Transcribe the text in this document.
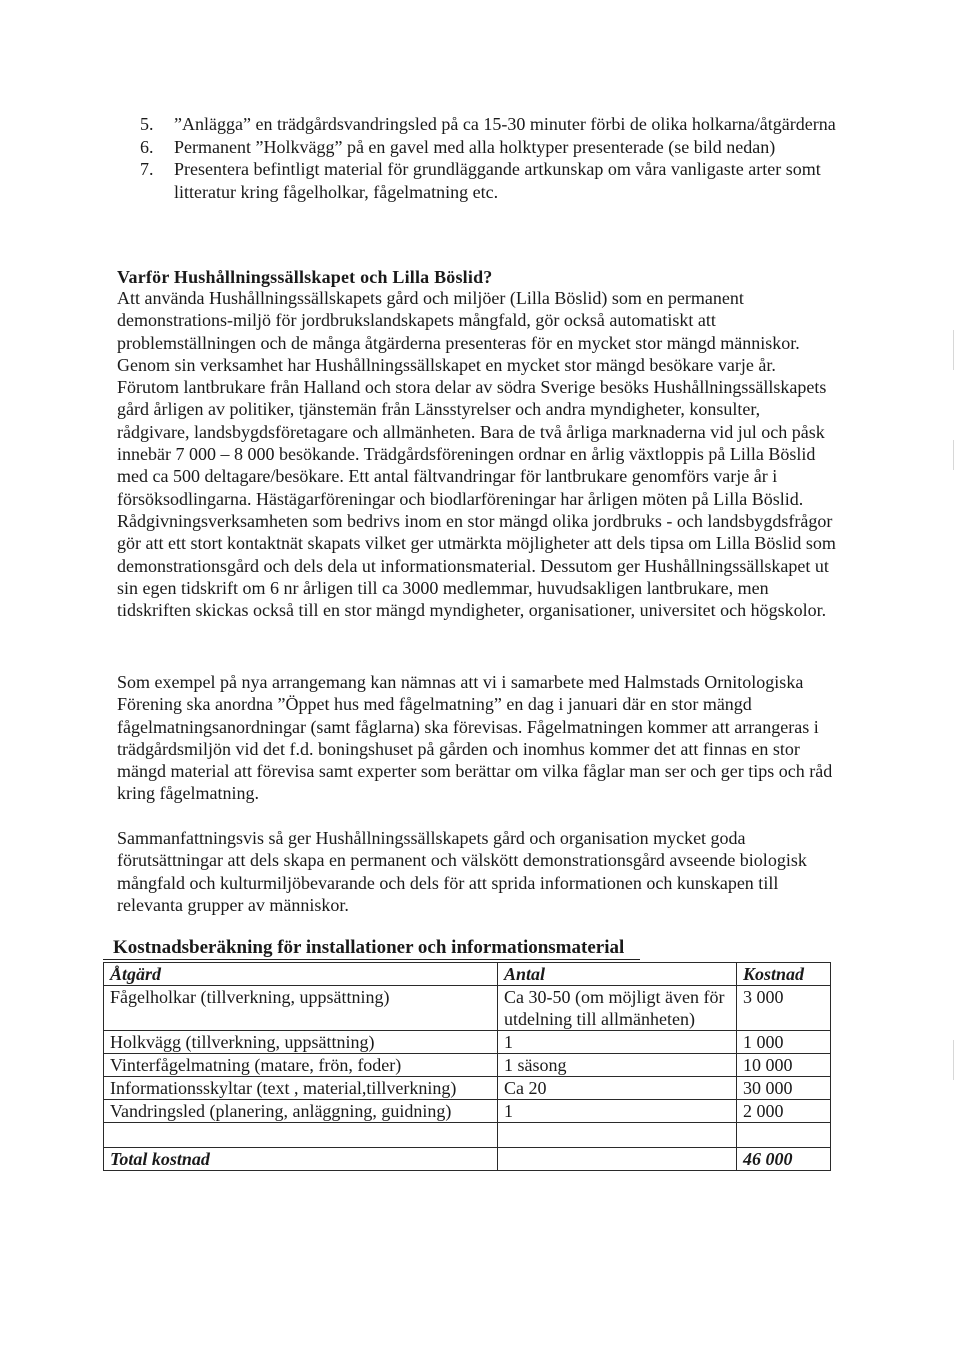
5. ”Anlägga” en trädgårdsvandringsled på ca 15-30 minuter förbi de olika holkarna/åtgärderna
6. Permanent ”Holkvägg” på en gavel med alla holktyper presenterade (se bild nedan)
7. Presentera befintligt material för grundläggande artkunskap om våra vanligaste arter somt litteratur kring fågelholkar, fågelmatning etc.
Varför Hushållningssällskapet och Lilla Böslid?

Att använda Hushållningssällskapets gård och miljöer (Lilla Böslid) som en permanent demonstrations-miljö för jordbrukslandskapets mångfald, gör också automatiskt att problemställningen och de många åtgärderna presenteras för en mycket stor mängd människor. Genom sin verksamhet har Hushållningssällskapet en mycket stor mängd besökare varje år. Förutom lantbrukare från Halland och stora delar av södra Sverige besöks Hushållningssällskapets gård årligen av politiker, tjänstemän från Länsstyrelser och andra myndigheter, konsulter, rådgivare, landsbygdsföretagare och allmänheten. Bara de två årliga marknaderna vid jul och påsk innebär 7 000 – 8 000 besökande. Trädgårdsföreningen ordnar en årlig växtloppis på Lilla Böslid med ca 500 deltagare/besökare. Ett antal fältvandringar för lantbrukare genomförs varje år i försöksodlingarna. Hästägarföreningar och biodlarföreningar har årligen möten på Lilla Böslid. Rådgivningsverksamheten som bedrivs inom en stor mängd olika jordbruks - och landsbygdsfrågor gör att ett stort kontaktnät skapats vilket ger utmärkta möjligheter att dels tipsa om Lilla Böslid som demonstrationsgård och dels dela ut informationsmaterial. Dessutom ger Hushållningssällskapet ut sin egen tidskrift om 6 nr årligen till ca 3000 medlemmar, huvudsakligen lantbrukare, men tidskriften skickas också till en stor mängd myndigheter, organisationer, universitet och högskolor.

Som exempel på nya arrangemang kan nämnas att vi i samarbete med Halmstads Ornitologiska Förening ska anordna ”Öppet hus med fågelmatning” en dag i januari där en stor mängd fågelmatningsanordningar (samt fåglarna) ska förevisas. Fågelmatningen kommer att arrangeras i trädgårdsmiljön vid det f.d. boningshuset på gården och inomhus kommer det att finnas en stor mängd material att förevisa samt experter som berättar om vilka fåglar man ser och ger tips och råd kring fågelmatning.

Sammanfattningsvis så ger Hushållningssällskapets gård och organisation mycket goda förutsättningar att dels skapa en permanent och välskött demonstrationsgård avseende biologisk mångfald och kulturmiljöbevarande och dels för att sprida informationen och kunskapen till relevanta grupper av människor.

Kostnadsberäkning för installationer och informationsmaterial
Åtgärd	Antal	Kostnad
Fågelholkar (tillverkning, uppsättning)	Ca 30-50 (om möjligt även för utdelning till allmänheten)	3 000
Holkvägg (tillverkning, uppsättning)	1	1 000
Vinterfågelmatning (matare, frön, foder)	1 säsong	10 000
Informationsskyltar (text , material,tillverkning)	Ca 20	30 000
Vandringsled (planering, anläggning, guidning)	1	2 000

Total kostnad		46 000
